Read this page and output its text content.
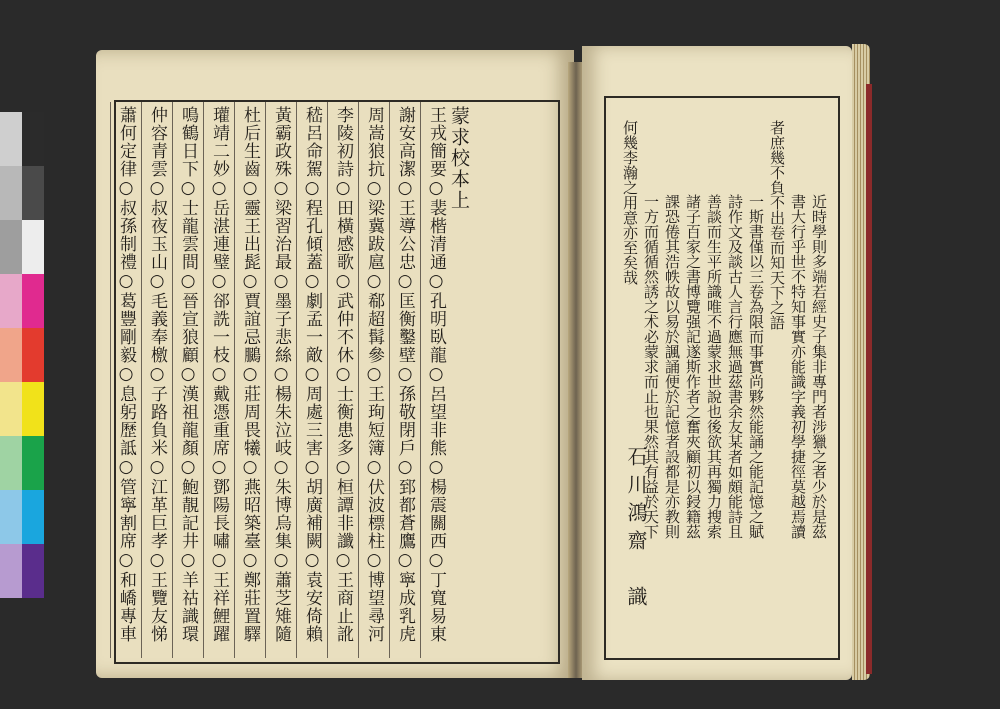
蒙求校本上
王戎簡要○裴楷清通○孔明臥龍○呂望非熊○楊震關西○丁寬易東
謝安高潔○王導公忠○匡衡鑿壁○孫敬閉戶○郅都蒼鷹○寧成乳虎
周嵩狼抗○梁冀跋扈○郗超髯參○王珣短簿○伏波標柱○博望尋河
李陵初詩○田橫感歌○武仲不休○士衡患多○桓譚非讖○王商止訛
嵇呂命駕○程孔傾蓋○劇孟一敵○周處三害○胡廣補闕○袁安倚賴
黃霸政殊○梁習治最○墨子悲絲○楊朱泣岐○朱博烏集○蕭芝雉隨
杜后生齒○靈王出髭○賈誼忌鵩○莊周畏犧○燕昭築臺○鄭莊置驛
瓘靖二妙○岳湛連璧○郤詵一枝○戴憑重席○鄧陽長嘯○王祥鯉躍
鳴鶴日下○士龍雲間○晉宣狼顧○漢祖龍顏○鮑靚記井○羊祜識環
仲容青雲○叔夜玉山○毛義奉檄○子路負米○江革巨孝○王覽友悌
蕭何定律○叔孫制禮○葛豐剛毅○息躬歷詆○管寧割席○和嶠專車	近時學則多端若經史子集非專門者涉獵之者少於是茲
書大行乎世不特知事實亦能識字義初學捷徑莫越焉讀
者庶幾不負不出卷而知天下之語
一斯書僅以三卷為限而事實尚夥然能誦之能記憶之賦
詩作文及談古人言行應無過茲書余友某者如頗能詩且
善談而生平所識唯不過蒙求世說也後欲其再獨力搜索
諸子百家之書博覽强記遂斯作者之奮夾顧初以鋟籍茲
課恐倦其浩帙故以易於諷誦便於記憶者設都是亦教則
一方而循循然誘之术必蒙求而止也果然其有益於天下
何幾李瀚之用意亦至矣哉
石川鴻齋　識
